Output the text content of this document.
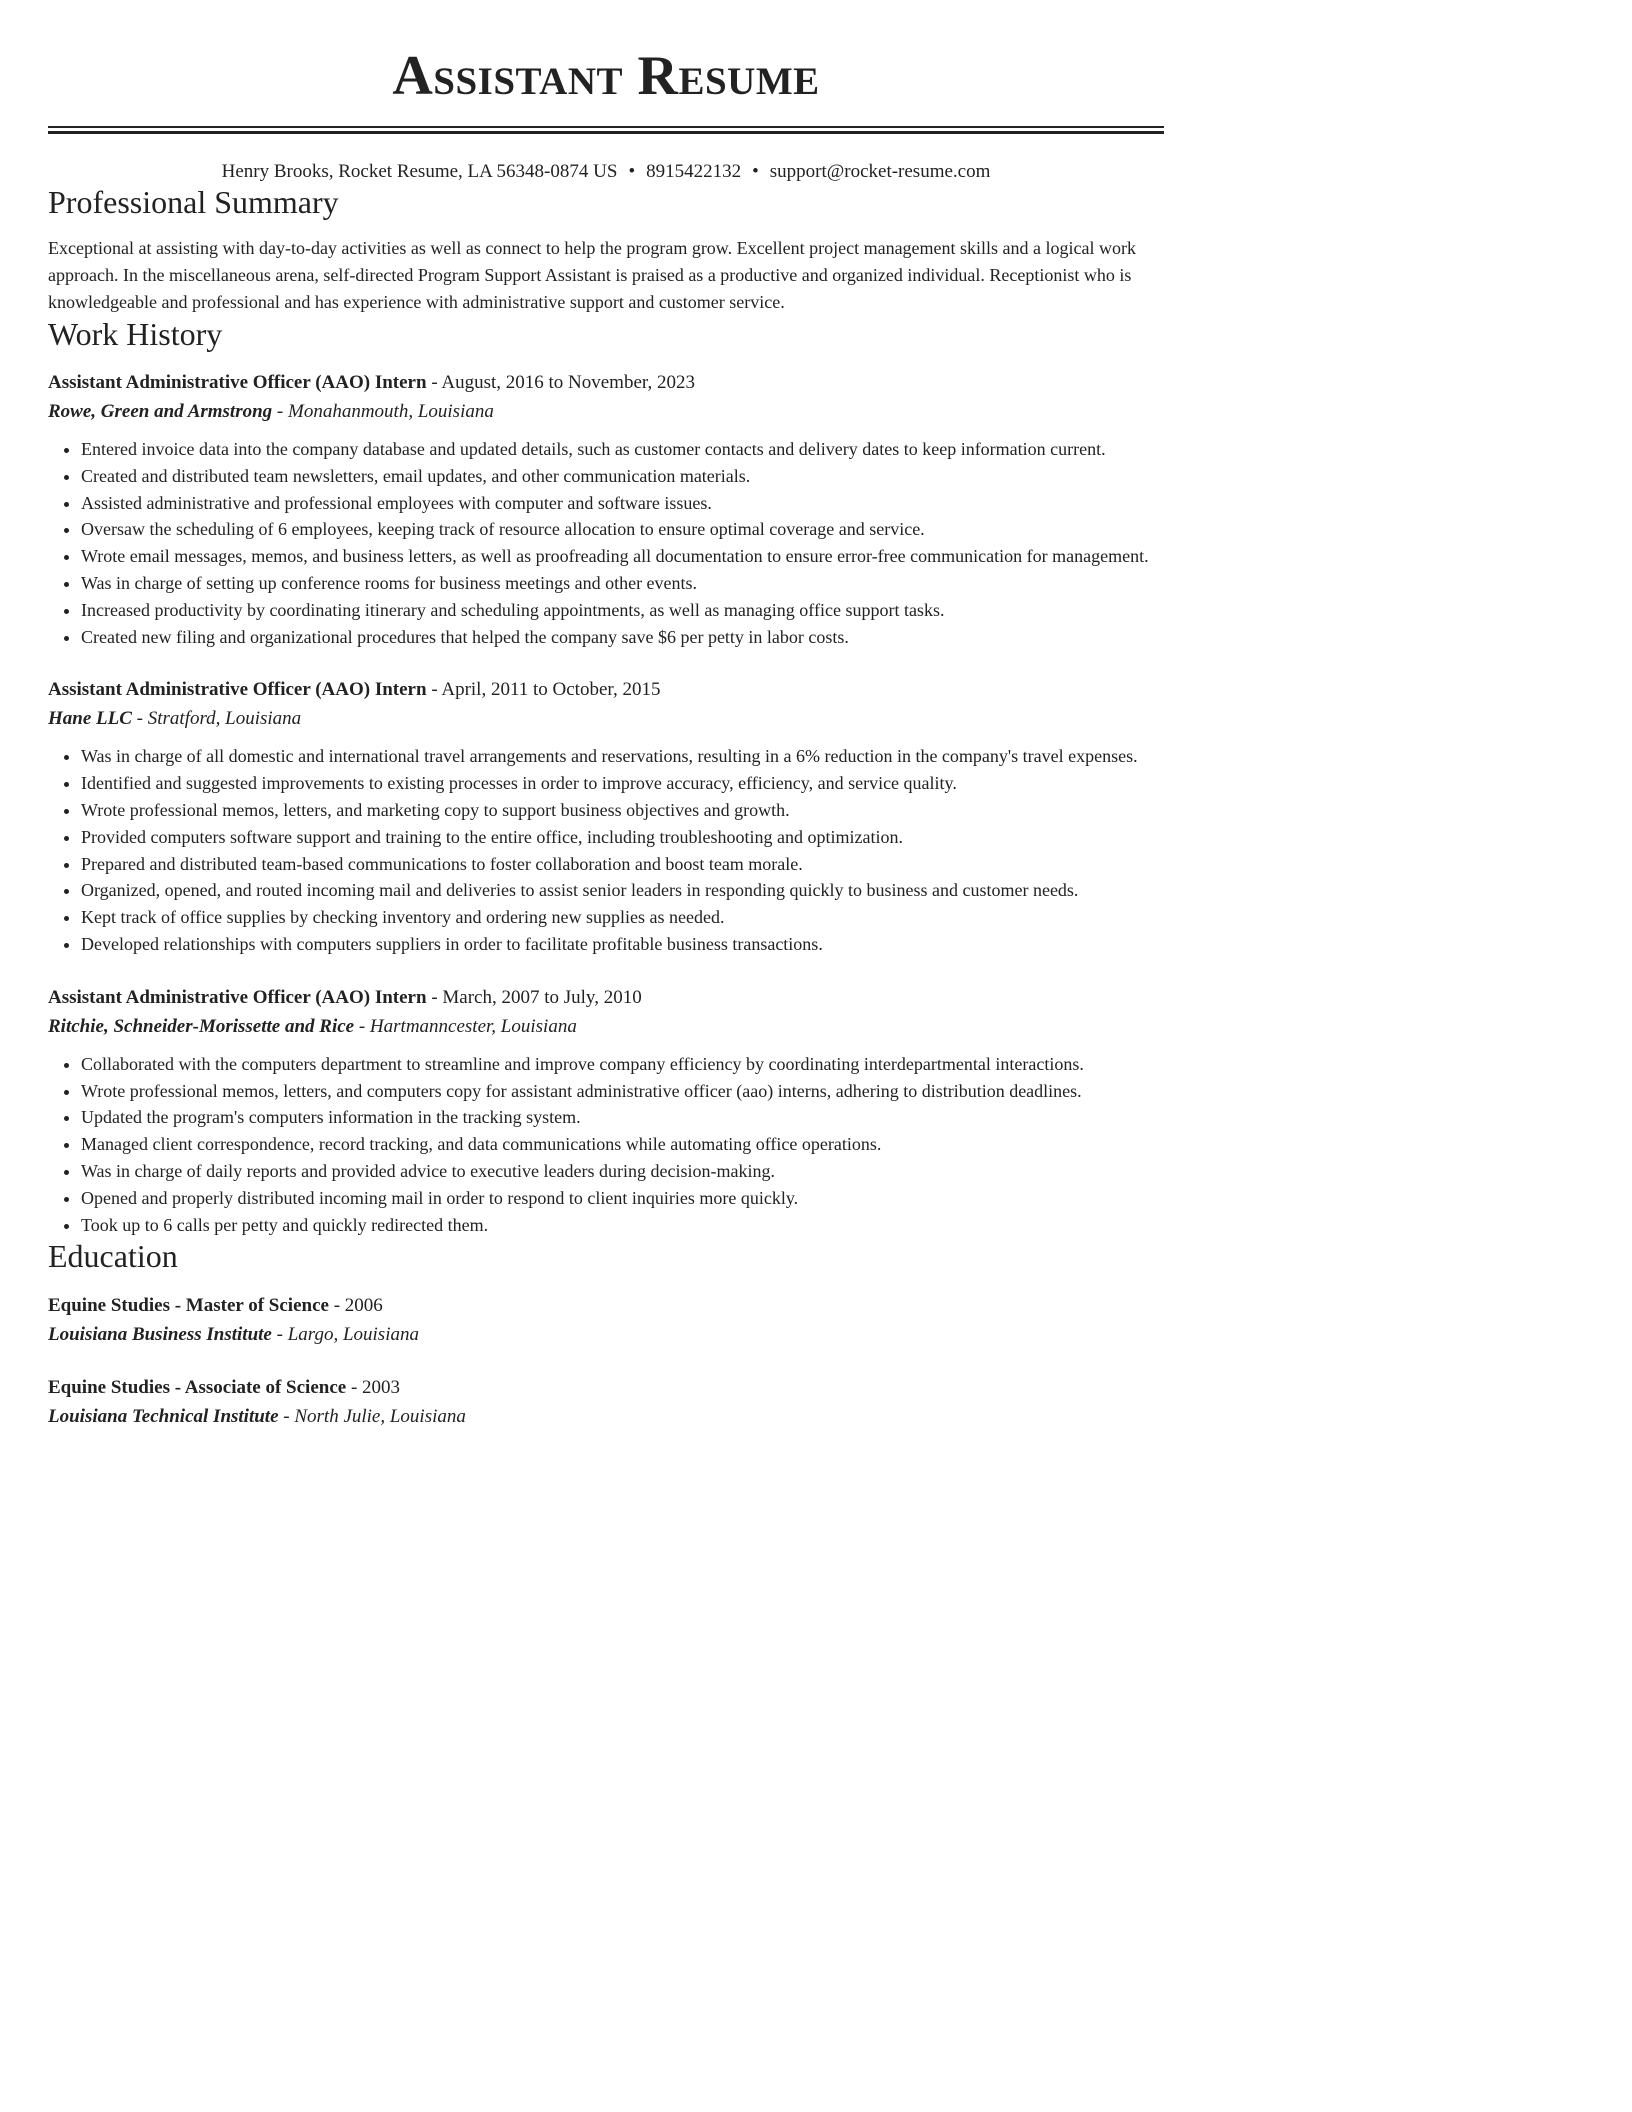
Assistant Resume
Henry Brooks, Rocket Resume, LA 56348-0874 US • 8915422132 • support@rocket-resume.com
Professional Summary
Exceptional at assisting with day-to-day activities as well as connect to help the program grow. Excellent project management skills and a logical work approach. In the miscellaneous arena, self-directed Program Support Assistant is praised as a productive and organized individual. Receptionist who is knowledgeable and professional and has experience with administrative support and customer service.
Work History
Assistant Administrative Officer (AAO) Intern - August, 2016 to November, 2023
Rowe, Green and Armstrong - Monahanmouth, Louisiana
• Entered invoice data into the company database and updated details, such as customer contacts and delivery dates to keep information current.
• Created and distributed team newsletters, email updates, and other communication materials.
• Assisted administrative and professional employees with computer and software issues.
• Oversaw the scheduling of 6 employees, keeping track of resource allocation to ensure optimal coverage and service.
• Wrote email messages, memos, and business letters, as well as proofreading all documentation to ensure error-free communication for management.
• Was in charge of setting up conference rooms for business meetings and other events.
• Increased productivity by coordinating itinerary and scheduling appointments, as well as managing office support tasks.
• Created new filing and organizational procedures that helped the company save $6 per petty in labor costs.
Assistant Administrative Officer (AAO) Intern - April, 2011 to October, 2015
Hane LLC - Stratford, Louisiana
• Was in charge of all domestic and international travel arrangements and reservations, resulting in a 6% reduction in the company's travel expenses.
• Identified and suggested improvements to existing processes in order to improve accuracy, efficiency, and service quality.
• Wrote professional memos, letters, and marketing copy to support business objectives and growth.
• Provided computers software support and training to the entire office, including troubleshooting and optimization.
• Prepared and distributed team-based communications to foster collaboration and boost team morale.
• Organized, opened, and routed incoming mail and deliveries to assist senior leaders in responding quickly to business and customer needs.
• Kept track of office supplies by checking inventory and ordering new supplies as needed.
• Developed relationships with computers suppliers in order to facilitate profitable business transactions.
Assistant Administrative Officer (AAO) Intern - March, 2007 to July, 2010
Ritchie, Schneider-Morissette and Rice - Hartmanncester, Louisiana
• Collaborated with the computers department to streamline and improve company efficiency by coordinating interdepartmental interactions.
• Wrote professional memos, letters, and computers copy for assistant administrative officer (aao) interns, adhering to distribution deadlines.
• Updated the program's computers information in the tracking system.
• Managed client correspondence, record tracking, and data communications while automating office operations.
• Was in charge of daily reports and provided advice to executive leaders during decision-making.
• Opened and properly distributed incoming mail in order to respond to client inquiries more quickly.
• Took up to 6 calls per petty and quickly redirected them.
Education
Equine Studies - Master of Science - 2006
Louisiana Business Institute - Largo, Louisiana
Equine Studies - Associate of Science - 2003
Louisiana Technical Institute - North Julie, Louisiana
